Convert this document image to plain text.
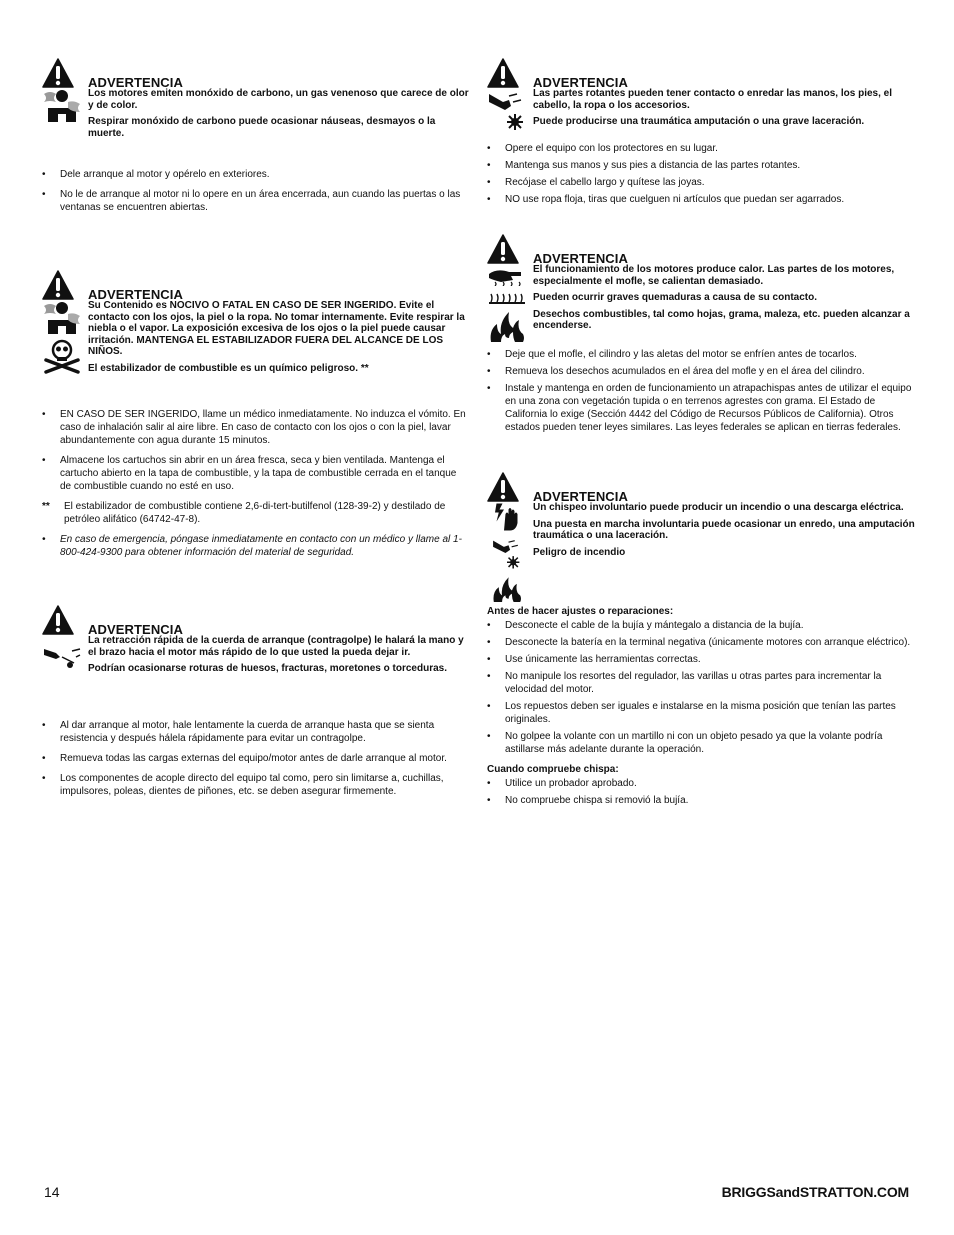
ADVERTENCIA

Los motores emiten monóxido de carbono, un gas venenoso que carece de olor y de color.

Respirar monóxido de carbono puede ocasionar náuseas, desmayos o la muerte.

• Dele arranque al motor y opérelo en exteriores.
• No le de arranque al motor ni lo opere en un área encerrada, aun cuando las puertas o las ventanas se encuentren abiertas.
ADVERTENCIA

Su Contenido es NOCIVO O FATAL EN CASO DE SER INGERIDO. Evite el contacto con los ojos, la piel o la ropa. No tomar internamente. Evite respirar la niebla o el vapor. La exposición excesiva de los ojos o la piel puede causar irritación. MANTENGA EL ESTABILIZADOR FUERA DEL ALCANCE DE LOS NIÑOS.

El estabilizador de combustible es un químico peligroso. **

• EN CASO DE SER INGERIDO, llame un médico inmediatamente. No induzca el vómito. En caso de inhalación salir al aire libre. En caso de contacto con los ojos o con la piel, lavar abundantemente con agua durante 15 minutos.
• Almacene los cartuchos sin abrir en un área fresca, seca y bien ventilada. Mantenga el cartucho abierto en la tapa de combustible, y la tapa de combustible cerrada en el tanque de combustible cuando no esté en uso.
** El estabilizador de combustible contiene 2,6-di-tert-butilfenol (128-39-2) y destilado de petróleo alifático (64742-47-8).
• En caso de emergencia, póngase inmediatamente en contacto con un médico y llame al 1-800-424-9300 para obtener información del material de seguridad.
ADVERTENCIA

La retracción rápida de la cuerda de arranque (contragolpe) le halará la mano y el brazo hacia el motor más rápido de lo que usted la pueda dejar ir.

Podrían ocasionarse roturas de huesos, fracturas, moretones o torceduras.

• Al dar arranque al motor, hale lentamente la cuerda de arranque hasta que se sienta resistencia y después hálela rápidamente para evitar un contragolpe.
• Remueva todas las cargas externas del equipo/motor antes de darle arranque al motor.
• Los componentes de acople directo del equipo tal como, pero sin limitarse a, cuchillas, impulsores, poleas, dientes de piñones, etc. se deben asegurar firmemente.
ADVERTENCIA

Las partes rotantes pueden tener contacto o enredar las manos, los pies, el cabello, la ropa o los accesorios.

Puede producirse una traumática amputación o una grave laceración.

• Opere el equipo con los protectores en su lugar.
• Mantenga sus manos y sus pies a distancia de las partes rotantes.
• Recójase el cabello largo y quítese las joyas.
• NO use ropa floja, tiras que cuelguen ni artículos que puedan ser agarrados.
ADVERTENCIA

El funcionamiento de los motores produce calor. Las partes de los motores, especialmente el mofle, se calientan demasiado.

Pueden ocurrir graves quemaduras a causa de su contacto.

Desechos combustibles, tal como hojas, grama, maleza, etc. pueden alcanzar a encenderse.

• Deje que el mofle, el cilindro y las aletas del motor se enfríen antes de tocarlos.
• Remueva los desechos acumulados en el área del mofle y en el área del cilindro.
• Instale y mantenga en orden de funcionamiento un atrapachispas antes de utilizar el equipo en una zona con vegetación tupida o en terrenos agrestes con grama. El Estado de California lo exige (Sección 4442 del Código de Recursos Públicos de California). Otros estados pueden tener leyes similares. Las leyes federales se aplican en tierras federales.
ADVERTENCIA

Un chispeo involuntario puede producir un incendio o una descarga eléctrica.

Una puesta en marcha involuntaria puede ocasionar un enredo, una amputación traumática o una laceración.

Peligro de incendio

Antes de hacer ajustes o reparaciones:
• Desconecte el cable de la bujía y mántegalo a distancia de la bujía.
• Desconecte la batería en la terminal negativa (únicamente motores con arranque eléctrico).
• Use únicamente las herramientas correctas.
• No manipule los resortes del regulador, las varillas u otras partes para incrementar la velocidad del motor.
• Los repuestos deben ser iguales e instalarse en la misma posición que tenían las partes originales.
• No golpee la volante con un martillo ni con un objeto pesado ya que la volante podría astillarse más adelante durante la operación.
Cuando compruebe chispa:
• Utilice un probador aprobado.
• No compruebe chispa si removió la bujía.
14	BRIGGSandSTRATTON.COM
